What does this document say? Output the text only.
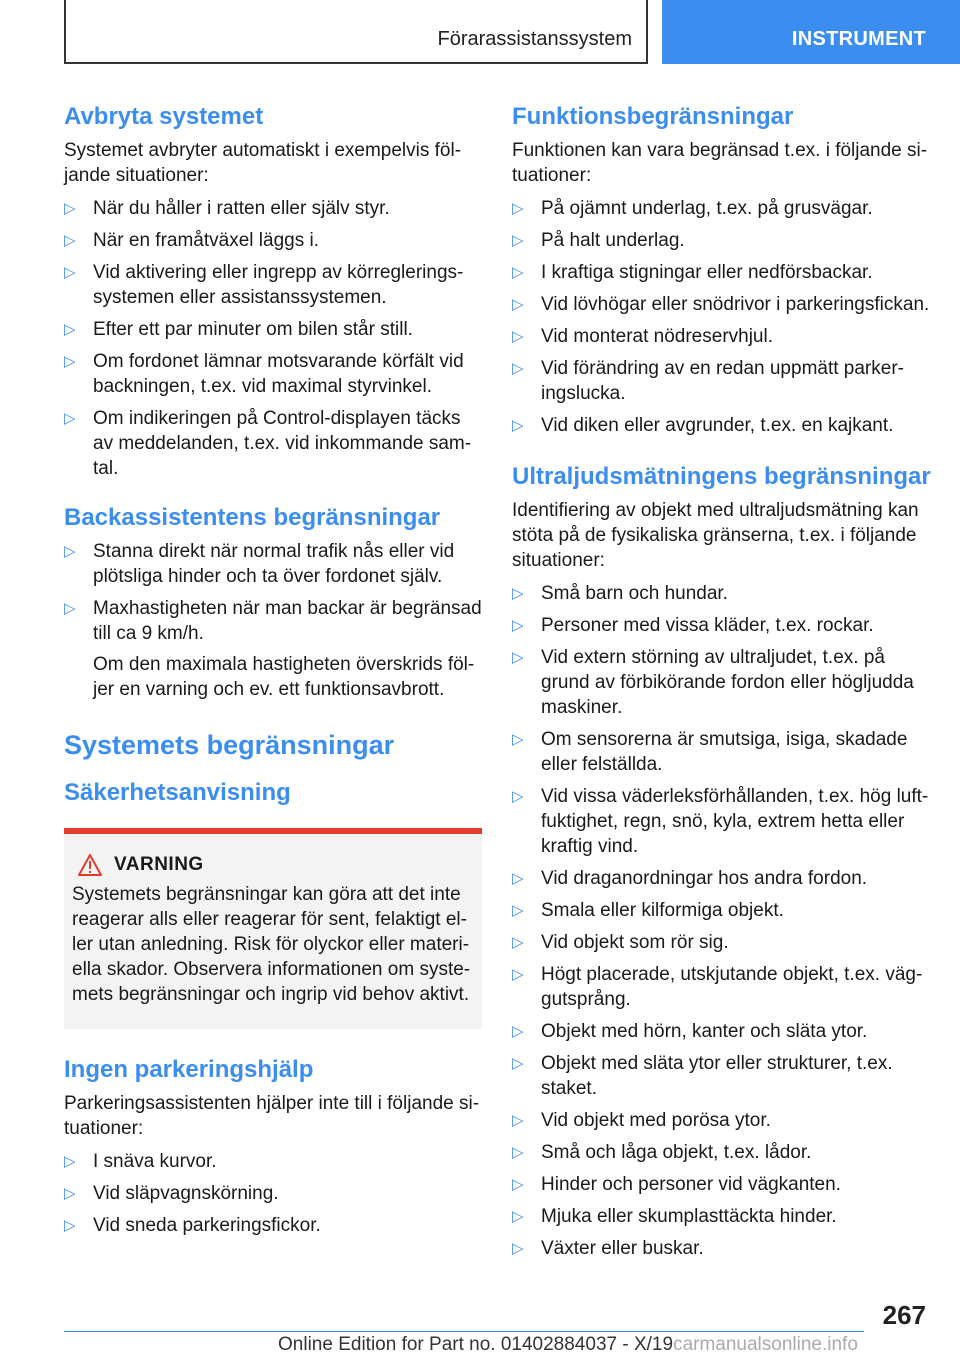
Förarassistanssystem	INSTRUMENT
Avbryta systemet

Systemet avbryter automatiskt i exempelvis föl-jande situationer:

▷ När du håller i ratten eller själv styr.
▷ När en framåtväxel läggs i.
▷ Vid aktivering eller ingrepp av körreglerings-systemen eller assistanssystemen.
▷ Efter ett par minuter om bilen står still.
▷ Om fordonet lämnar motsvarande körfält vid backningen, t.ex. vid maximal styrvinkel.
▷ Om indikeringen på Control-displayen täcks av meddelanden, t.ex. vid inkommande sam-tal.
Backassistentens begränsningar
▷ Stanna direkt när normal trafik nås eller vid plötsliga hinder och ta över fordonet själv.
▷ Maxhastigheten när man backar är begränsad till ca 9 km/h.

Om den maximala hastigheten överskrids föl-jer en varning och ev. ett funktionsavbrott.

Systemets begränsningar
Säkerhetsanvisning
VARNING
Systemets begränsningar kan göra att det inte reagerar alls eller reagerar för sent, felaktigt el-ler utan anledning. Risk för olyckor eller materi-ella skador. Observera informationen om syste-mets begränsningar och ingrip vid behov aktivt.
Ingen parkeringshjälp

Parkeringsassistenten hjälper inte till i följande si-tuationer:

▷ I snäva kurvor.
▷ Vid släpvagnskörning.
▷ Vid sneda parkeringsfickor.
Funktionsbegränsningar

Funktionen kan vara begränsad t.ex. i följande si-tuationer:

▷ På ojämnt underlag, t.ex. på grusvägar.
▷ På halt underlag.
▷ I kraftiga stigningar eller nedförsbackar.
▷ Vid lövhögar eller snödrivor i parkeringsfickan.
▷ Vid monterat nödreservhjul.
▷ Vid förändring av en redan uppmätt parker-ingslucka.
▷ Vid diken eller avgrunder, t.ex. en kajkant.
Ultraljudsmätningens begränsningar

Identifiering av objekt med ultraljudsmätning kan stöta på de fysikaliska gränserna, t.ex. i följande situationer:

▷ Små barn och hundar.
▷ Personer med vissa kläder, t.ex. rockar.
▷ Vid extern störning av ultraljudet, t.ex. på grund av förbikörande fordon eller högljudda maskiner.
▷ Om sensorerna är smutsiga, isiga, skadade eller felställda.
▷ Vid vissa väderleksförhållanden, t.ex. hög luft-fuktighet, regn, snö, kyla, extrem hetta eller kraftig vind.
▷ Vid draganordningar hos andra fordon.
▷ Smala eller kilformiga objekt.
▷ Vid objekt som rör sig.
▷ Högt placerade, utskjutande objekt, t.ex. väg-gutsprång.
▷ Objekt med hörn, kanter och släta ytor.
▷ Objekt med släta ytor eller strukturer, t.ex. staket.
▷ Vid objekt med porösa ytor.
▷ Små och låga objekt, t.ex. lådor.
▷ Hinder och personer vid vägkanten.
▷ Mjuka eller skumplasttäckta hinder.
▷ Växter eller buskar.
267
Online Edition for Part no. 01402884037 - X/19carmanualsonline.info
